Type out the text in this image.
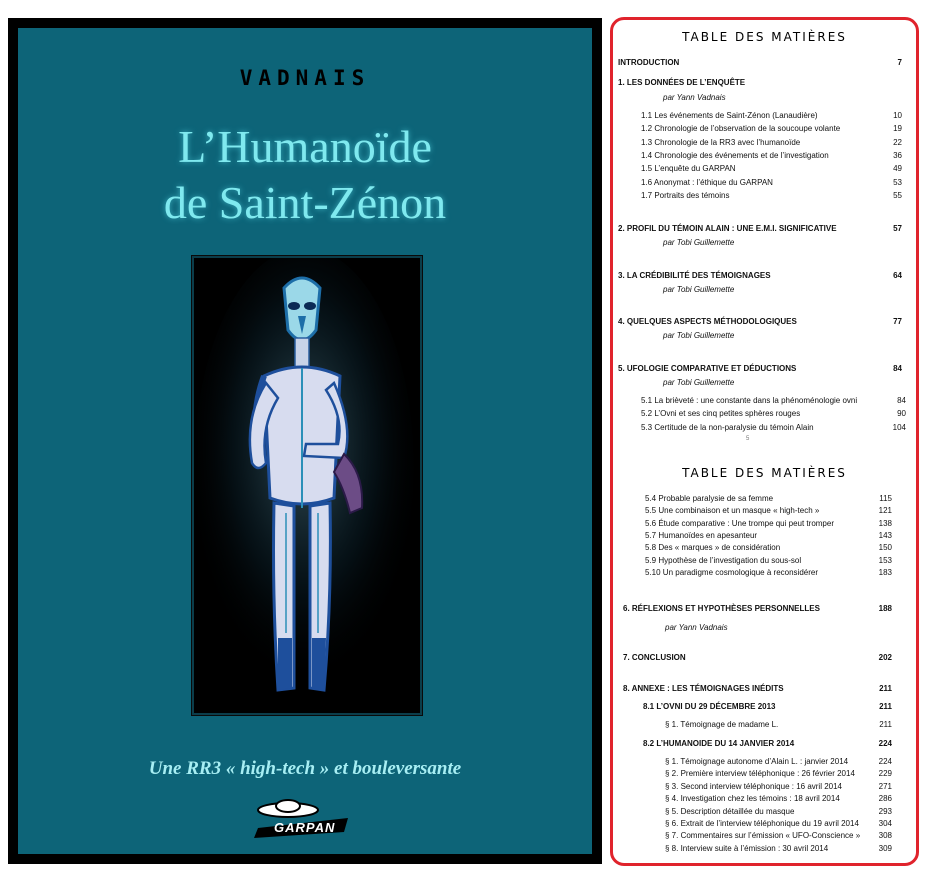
VADNAIS
L’Humanoïde
de Saint-Zénon
Une RR3 « high-tech » et bouleversante
GARPAN
TABLE DES MATIÈRES
INTRODUCTION	7
1. LES DONNÉES DE L’ENQUÊTE
par Yann Vadnais
1.1 Les événements de Saint-Zénon (Lanaudière)	10
1.2 Chronologie de l’observation de la soucoupe volante	19
1.3 Chronologie de la RR3 avec l’humanoïde	22
1.4 Chronologie des événements et de l’investigation	36
1.5 L’enquête du GARPAN	49
1.6 Anonymat : l’éthique du GARPAN	53
1.7 Portraits des témoins	55
2. PROFIL DU TÉMOIN ALAIN : UNE E.M.I. SIGNIFICATIVE	57
par Tobi Guillemette
3. LA CRÉDIBILITÉ DES TÉMOIGNAGES	64
par Tobi Guillemette
4. QUELQUES ASPECTS MÉTHODOLOGIQUES	77
par Tobi Guillemette
5. UFOLOGIE COMPARATIVE ET DÉDUCTIONS	84
par Tobi Guillemette
5.1 La brièveté : une constante dans la phénoménologie ovni	84
5.2 L’Ovni et ses cinq petites sphères rouges	90
5.3 Certitude de la non-paralysie du témoin Alain	104
5
TABLE DES MATIÈRES
5.4 Probable paralysie de sa femme	115
5.5 Une combinaison et un masque « high-tech »	121
5.6 Étude comparative : Une trompe qui peut tromper	138
5.7 Humanoïdes en apesanteur	143
5.8 Des « marques » de considération	150
5.9 Hypothèse de l’investigation du sous-sol	153
5.10 Un paradigme cosmologique à reconsidérer	183
6. RÉFLEXIONS ET HYPOTHÈSES PERSONNELLES	188
par Yann Vadnais
7. CONCLUSION	202
8. ANNEXE : LES TÉMOIGNAGES INÉDITS	211
8.1 L’OVNI DU 29 DÉCEMBRE 2013	211
§ 1. Témoignage de madame L.	211
8.2 L’HUMANOIDE DU 14 JANVIER 2014	224
§ 1. Témoignage autonome d’Alain L. : janvier 2014	224
§ 2. Première interview téléphonique : 26 février 2014	229
§ 3. Second interview téléphonique : 16 avril 2014	271
§ 4. Investigation chez les témoins : 18 avril 2014	286
§ 5. Description détaillée du masque	293
§ 6. Extrait de l’interview téléphonique du 19 avril 2014 304
§ 7. Commentaires sur l’émission « UFO-Conscience » 308
§ 8. Interview suite à l’émission : 30 avril 2014	309
